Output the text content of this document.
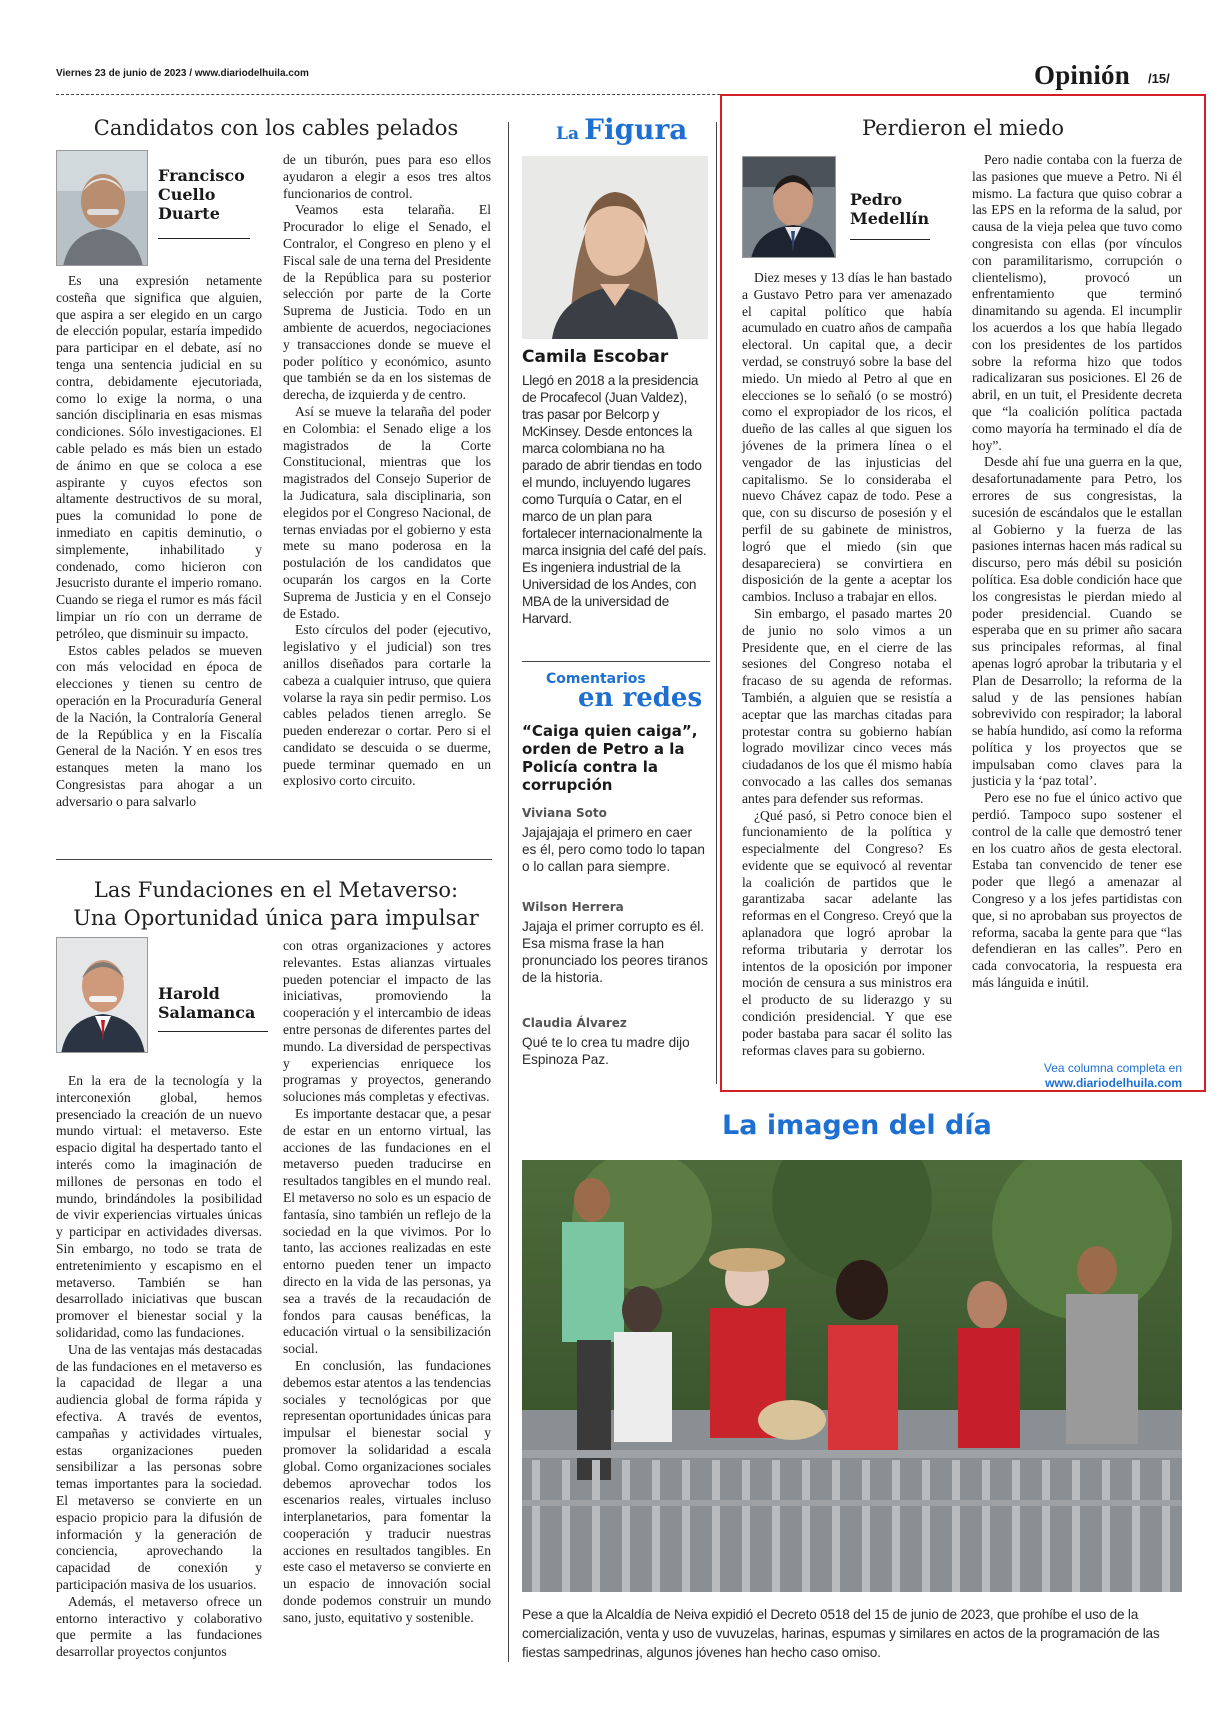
Viernes 23 de junio de 2023 / www.diariodelhuila.com	Opinión /15/
Candidatos con los cables pelados
Francisco
Cuello
Duarte

Es una expresión netamente costeña que significa que alguien, que aspira a ser elegido en un cargo de elección popular, estaría impedido para participar en el debate, así no tenga una sentencia judicial en su contra, debidamente ejecutoriada, como lo exige la norma, o una sanción disciplinaria en esas mismas condiciones. Sólo investigaciones. El cable pelado es más bien un estado de ánimo en que se coloca a ese aspirante y cuyos efectos son altamente destructivos de su moral, pues la comunidad lo pone de inmediato en capitis deminutio, o simplemente, inhabilitado y condenado, como hicieron con Jesucristo durante el imperio romano. Cuando se riega el rumor es más fácil limpiar un río con un derrame de petróleo, que disminuir su impacto.

Estos cables pelados se mueven con más velocidad en época de elecciones y tienen su centro de operación en la Procuraduría General de la Nación, la Contraloría General de la República y en la Fiscalía General de la Nación. Y en esos tres estanques meten la mano los Congresistas para ahogar a un adversario o para salvarlo

de un tiburón, pues para eso ellos ayudaron a elegir a esos tres altos funcionarios de control.

Veamos esta telaraña. El Procurador lo elige el Senado, el Contralor, el Congreso en pleno y el Fiscal sale de una terna del Presidente de la República para su posterior selección por parte de la Corte Suprema de Justicia. Todo en un ambiente de acuerdos, negociaciones y transacciones donde se mueve el poder político y económico, asunto que también se da en los sistemas de derecha, de izquierda y de centro.

Así se mueve la telaraña del poder en Colombia: el Senado elige a los magistrados de la Corte Constitucional, mientras que los magistrados del Consejo Superior de la Judicatura, sala disciplinaria, son elegidos por el Congreso Nacional, de ternas enviadas por el gobierno y esta mete su mano poderosa en la postulación de los candidatos que ocuparán los cargos en la Corte Suprema de Justicia y en el Consejo de Estado.

Esto círculos del poder (ejecutivo, legislativo y el judicial) son tres anillos diseñados para cortarle la cabeza a cualquier intruso, que quiera volarse la raya sin pedir permiso. Los cables pelados tienen arreglo. Se pueden enderezar o cortar. Pero si el candidato se descuida o se duerme, puede terminar quemado en un explosivo corto circuito.

Las Fundaciones en el Metaverso:
Una Oportunidad única para impulsar
Harold
Salamanca

En la era de la tecnología y la interconexión global, hemos presenciado la creación de un nuevo mundo virtual: el metaverso. Este espacio digital ha despertado tanto el interés como la imaginación de millones de personas en todo el mundo, brindándoles la posibilidad de vivir experiencias virtuales únicas y participar en actividades diversas. Sin embargo, no todo se trata de entretenimiento y escapismo en el metaverso. También se han desarrollado iniciativas que buscan promover el bienestar social y la solidaridad, como las fundaciones.

Una de las ventajas más destacadas de las fundaciones en el metaverso es la capacidad de llegar a una audiencia global de forma rápida y efectiva. A través de eventos, campañas y actividades virtuales, estas organizaciones pueden sensibilizar a las personas sobre temas importantes para la sociedad. El metaverso se convierte en un espacio propicio para la difusión de información y la generación de conciencia, aprovechando la capacidad de conexión y participación masiva de los usuarios.

Además, el metaverso ofrece un entorno interactivo y colaborativo que permite a las fundaciones desarrollar proyectos conjuntos

con otras organizaciones y actores relevantes. Estas alianzas virtuales pueden potenciar el impacto de las iniciativas, promoviendo la cooperación y el intercambio de ideas entre personas de diferentes partes del mundo. La diversidad de perspectivas y experiencias enriquece los programas y proyectos, generando soluciones más completas y efectivas.

Es importante destacar que, a pesar de estar en un entorno virtual, las acciones de las fundaciones en el metaverso pueden traducirse en resultados tangibles en el mundo real. El metaverso no solo es un espacio de fantasía, sino también un reflejo de la sociedad en la que vivimos. Por lo tanto, las acciones realizadas en este entorno pueden tener un impacto directo en la vida de las personas, ya sea a través de la recaudación de fondos para causas benéficas, la educación virtual o la sensibilización social.

En conclusión, las fundaciones debemos estar atentos a las tendencias sociales y tecnológicas por que representan oportunidades únicas para impulsar el bienestar social y promover la solidaridad a escala global. Como organizaciones sociales debemos aprovechar todos los escenarios reales, virtuales incluso interplanetarios, para fomentar la cooperación y traducir nuestras acciones en resultados tangibles. En este caso el metaverso se convierte en un espacio de innovación social donde podemos construir un mundo sano, justo, equitativo y sostenible.

La Figura
Camila Escobar
Llegó en 2018 a la presidencia de Procafecol (Juan Valdez), tras pasar por Belcorp y McKinsey. Desde entonces la marca colombiana no ha parado de abrir tiendas en todo el mundo, incluyendo lugares como Turquía o Catar, en el marco de un plan para fortalecer internacionalmente la marca insignia del café del país. Es ingeniera industrial de la Universidad de los Andes, con MBA de la universidad de Harvard.
Comentarios
en redes
“Caiga quien caiga”, orden de Petro a la Policía contra la corrupción
Viviana Soto
Jajajajaja el primero en caer es él, pero como todo lo tapan o lo callan para siempre.
Wilson Herrera
Jajaja el primer corrupto es él. Esa misma frase la han pronunciado los peores tiranos de la historia.
Claudia Álvarez
Qué te lo crea tu madre dijo Espinoza Paz.
Perdieron el miedo
Pedro
Medellín

Diez meses y 13 días le han bastado a Gustavo Petro para ver amenazado el capital político que había acumulado en cuatro años de campaña electoral. Un capital que, a decir verdad, se construyó sobre la base del miedo. Un miedo al Petro al que en elecciones se lo señaló (o se mostró) como el expropiador de los ricos, el dueño de las calles al que siguen los jóvenes de la primera línea o el vengador de las injusticias del capitalismo. Se lo consideraba el nuevo Chávez capaz de todo. Pese a que, con su discurso de posesión y el perfil de su gabinete de ministros, logró que el miedo (sin que desapareciera) se convirtiera en disposición de la gente a aceptar los cambios. Incluso a trabajar en ellos.

Sin embargo, el pasado martes 20 de junio no solo vimos a un Presidente que, en el cierre de las sesiones del Congreso notaba el fracaso de su agenda de reformas. También, a alguien que se resistía a aceptar que las marchas citadas para protestar contra su gobierno habían logrado movilizar cinco veces más ciudadanos de los que él mismo había convocado a las calles dos semanas antes para defender sus reformas.

¿Qué pasó, si Petro conoce bien el funcionamiento de la política y especialmente del Congreso? Es evidente que se equivocó al reventar la coalición de partidos que le garantizaba sacar adelante las reformas en el Congreso. Creyó que la aplanadora que logró aprobar la reforma tributaria y derrotar los intentos de la oposición por imponer moción de censura a sus ministros era el producto de su liderazgo y su condición presidencial. Y que ese poder bastaba para sacar él solito las reformas claves para su gobierno.

Pero nadie contaba con la fuerza de las pasiones que mueve a Petro. Ni él mismo. La factura que quiso cobrar a las EPS en la reforma de la salud, por causa de la vieja pelea que tuvo como congresista con ellas (por vínculos con paramilitarismo, corrupción o clientelismo), provocó un enfrentamiento que terminó dinamitando su agenda. El incumplir los acuerdos a los que había llegado con los presidentes de los partidos sobre la reforma hizo que todos radicalizaran sus posiciones. El 26 de abril, en un tuit, el Presidente decreta que “la coalición política pactada como mayoría ha terminado el día de hoy”.

Desde ahí fue una guerra en la que, desafortunadamente para Petro, los errores de sus congresistas, la sucesión de escándalos que le estallan al Gobierno y la fuerza de las pasiones internas hacen más radical su discurso, pero más débil su posición política. Esa doble condición hace que los congresistas le pierdan miedo al poder presidencial. Cuando se esperaba que en su primer año sacara sus principales reformas, al final apenas logró aprobar la tributaria y el Plan de Desarrollo; la reforma de la salud y de las pensiones habían sobrevivido con respirador; la laboral se había hundido, así como la reforma política y los proyectos que se impulsaban como claves para la justicia y la ‘paz total’.

Pero ese no fue el único activo que perdió. Tampoco supo sostener el control de la calle que demostró tener en los cuatro años de gesta electoral. Estaba tan convencido de tener ese poder que llegó a amenazar al Congreso y a los jefes partidistas con que, si no aprobaban sus proyectos de reforma, sacaba la gente para que “las defendieran en las calles”. Pero en cada convocatoria, la respuesta era más lánguida e inútil.

Vea columna completa en
www.diariodelhuila.com
La imagen del día
Pese a que la Alcaldía de Neiva expidió el Decreto 0518 del 15 de junio de 2023, que prohíbe el uso de la comercialización, venta y uso de vuvuzelas, harinas, espumas y similares en actos de la programación de las fiestas sampedrinas, algunos jóvenes han hecho caso omiso.
